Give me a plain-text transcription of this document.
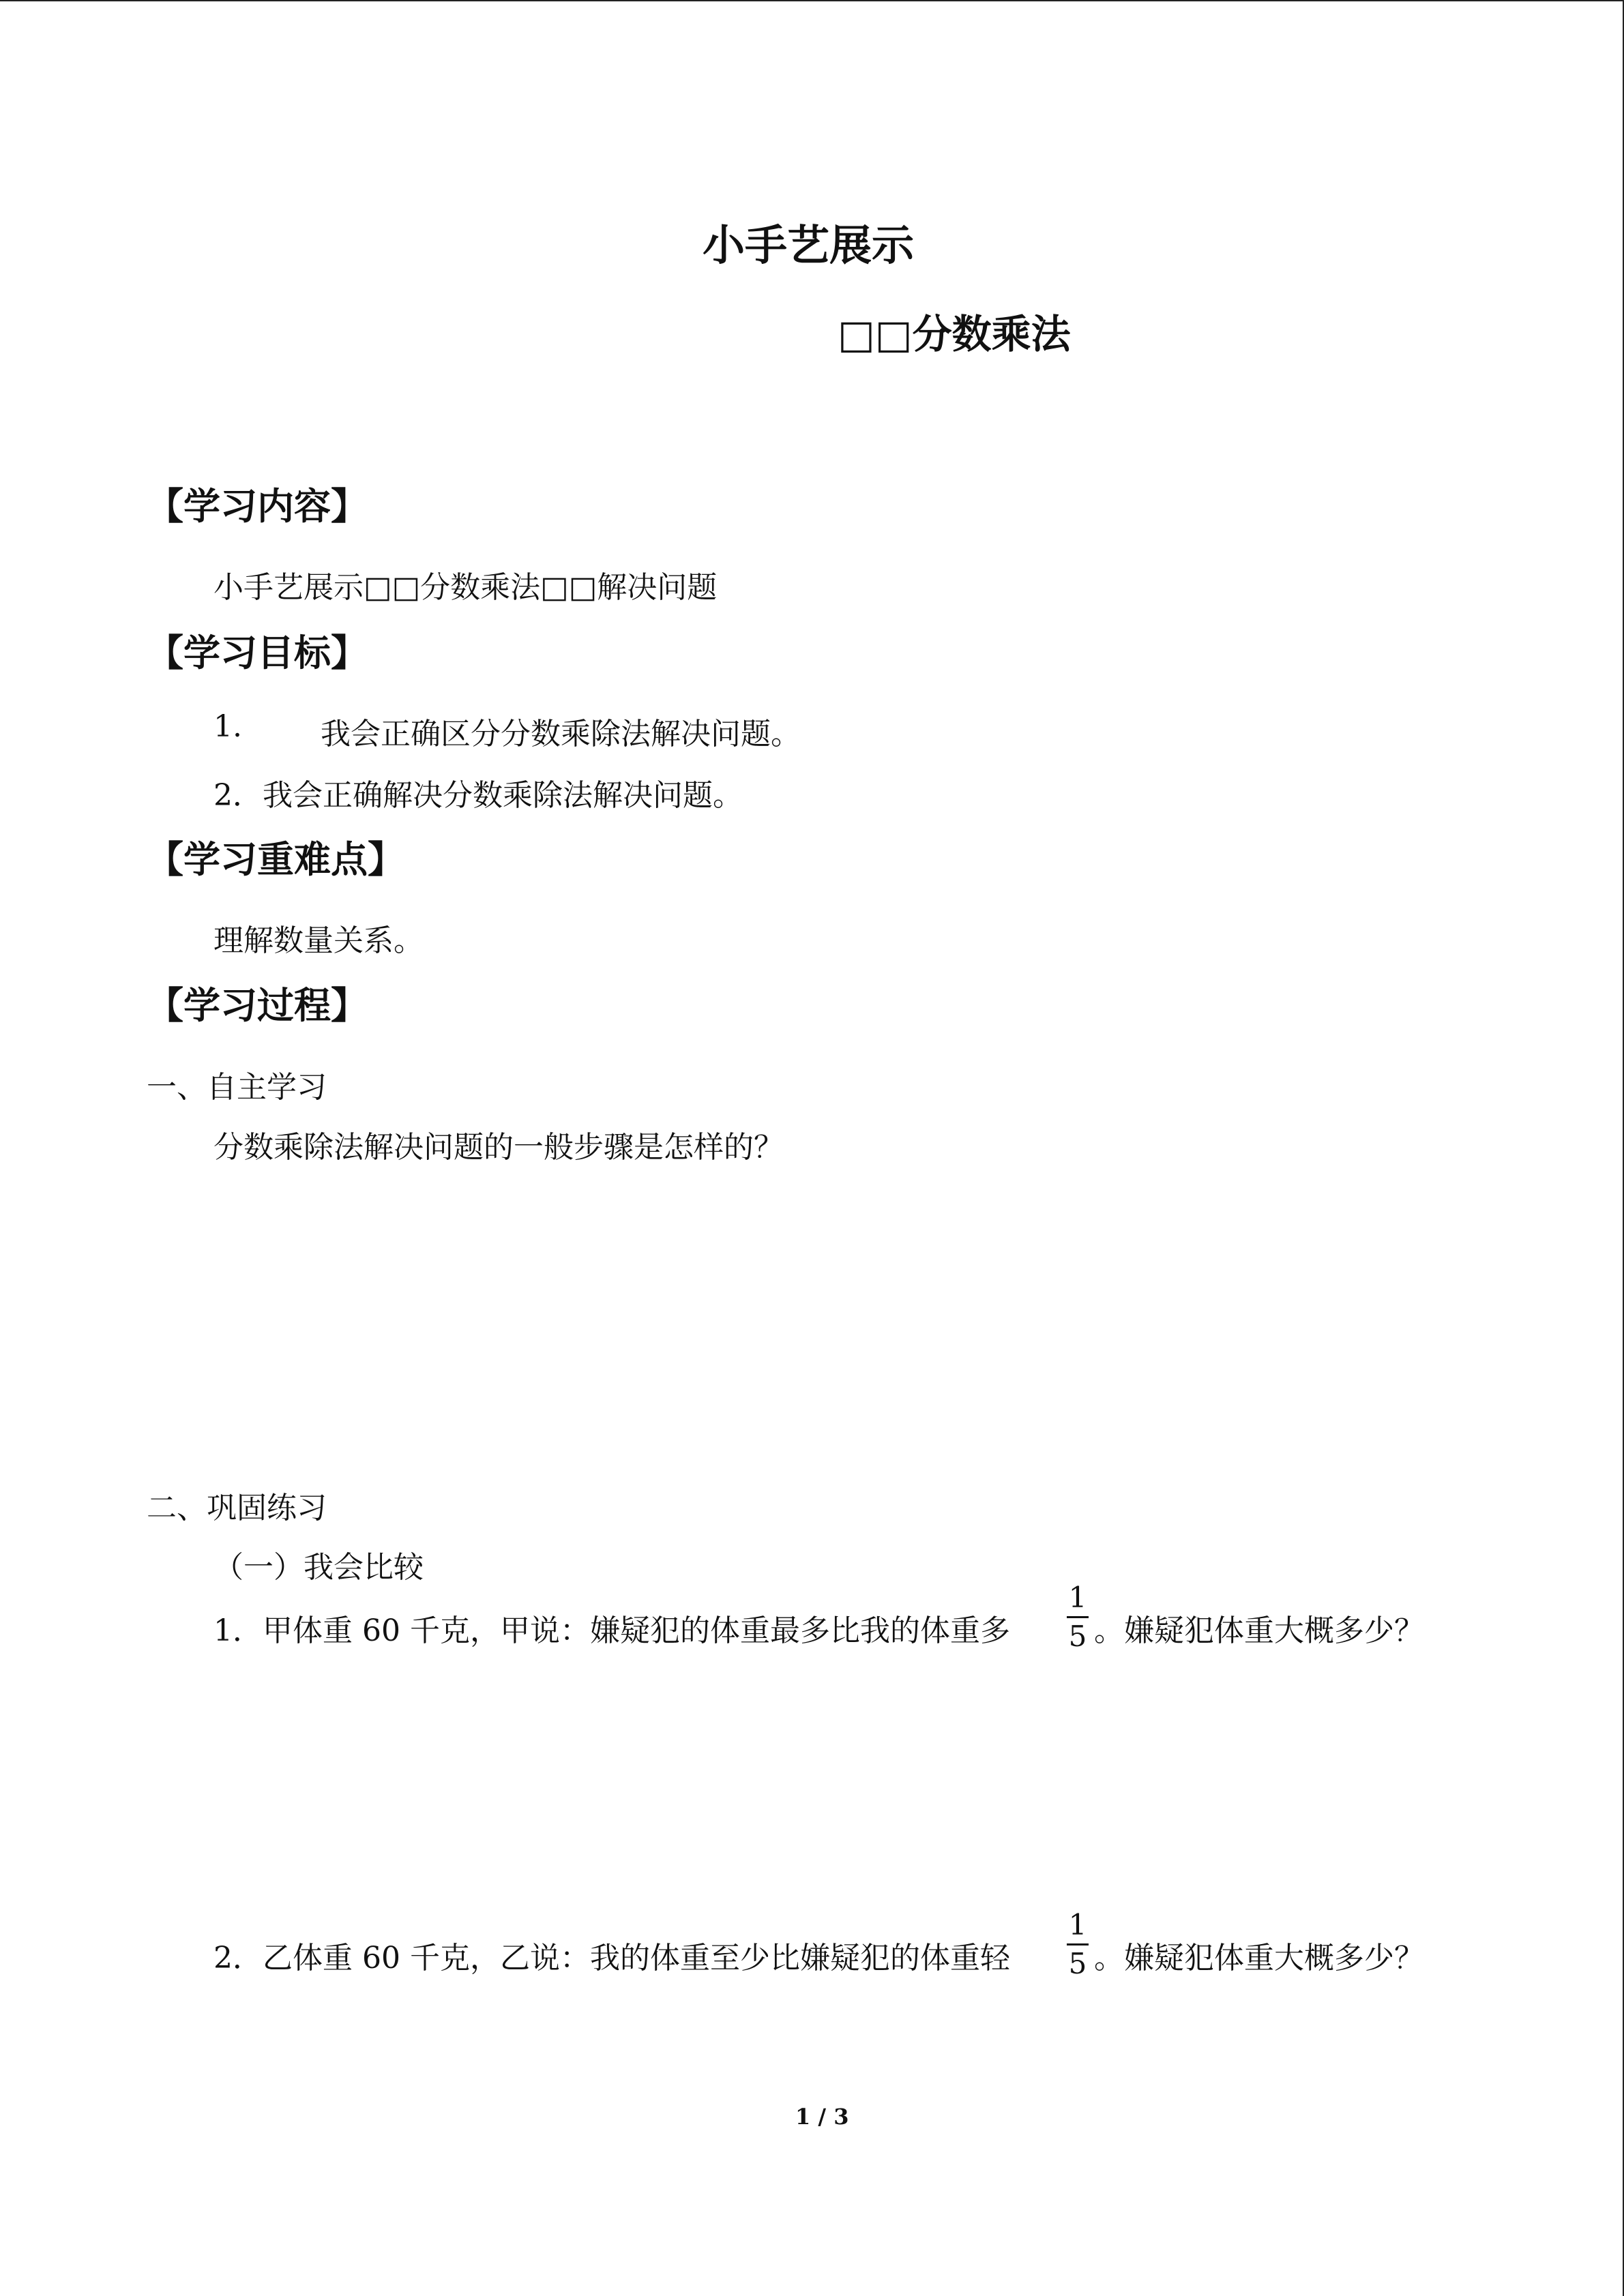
小手艺展示
□□分数乘法
【学习内容】
小手艺展示□□分数乘法□□解决问题
【学习目标】
1.	我会正确区分分数乘除法解决问题。
2．我会正确解决分数乘除法解决问题。
【学习重难点】
理解数量关系。
【学习过程】
一、自主学习
分数乘除法解决问题的一般步骤是怎样的？
二、巩固练习
（一）我会比较
1．甲体重 60 千克，甲说：嫌疑犯的体重最多比我的体重多
1
5 。嫌疑犯体重大概多少？
2．乙体重 60 千克，乙说：我的体重至少比嫌疑犯的体重轻
1
5 。嫌疑犯体重大概多少？
1 / 3
